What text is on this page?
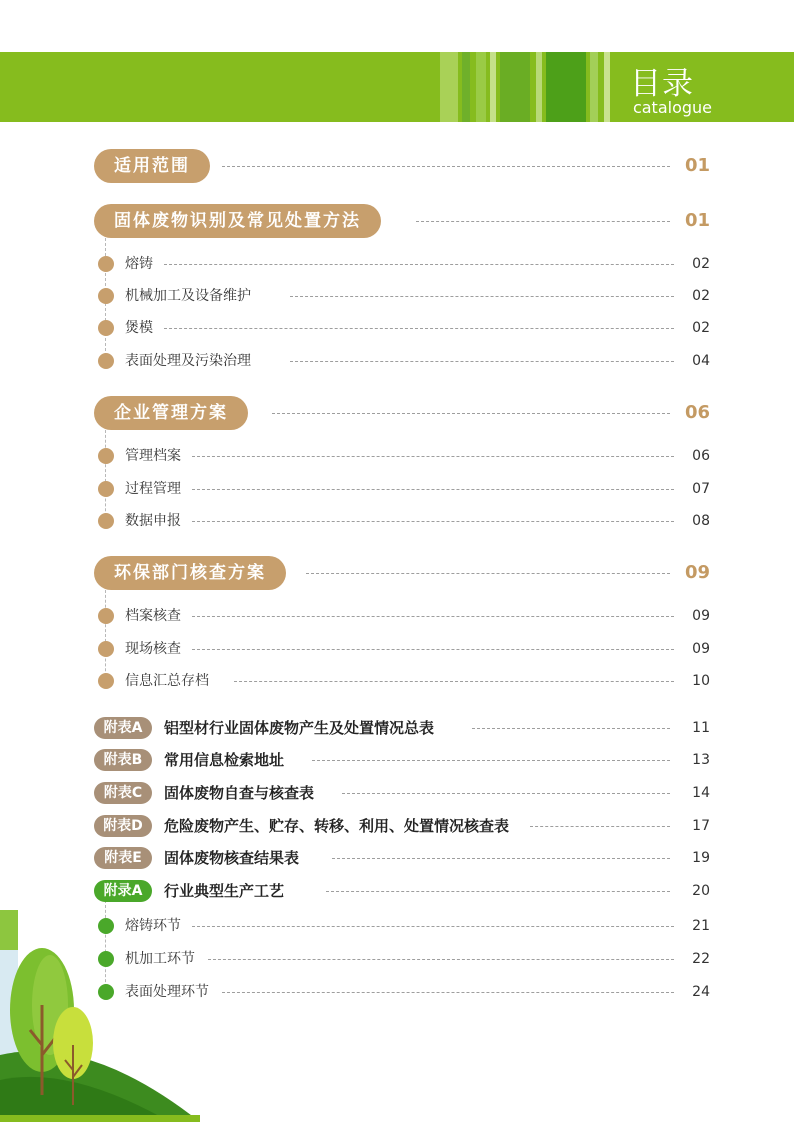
目录
catalogue
适用范围	01
固体废物识别及常见处置方法	01
熔铸	02
机械加工及设备维护	02
煲模	02
表面处理及污染治理	04
企业管理方案	06
管理档案	06
过程管理	07
数据申报	08
环保部门核查方案	09
档案核查	09
现场核查	09
信息汇总存档	10
附表A	铝型材行业固体废物产生及处置情况总表	11
附表B	常用信息检索地址	13
附表C	固体废物自查与核查表	14
附表D	危险废物产生、贮存、转移、利用、处置情况核查表	17
附表E	固体废物核查结果表	19
附录A	行业典型生产工艺	20
熔铸环节	21
机加工环节	22
表面处理环节	24
